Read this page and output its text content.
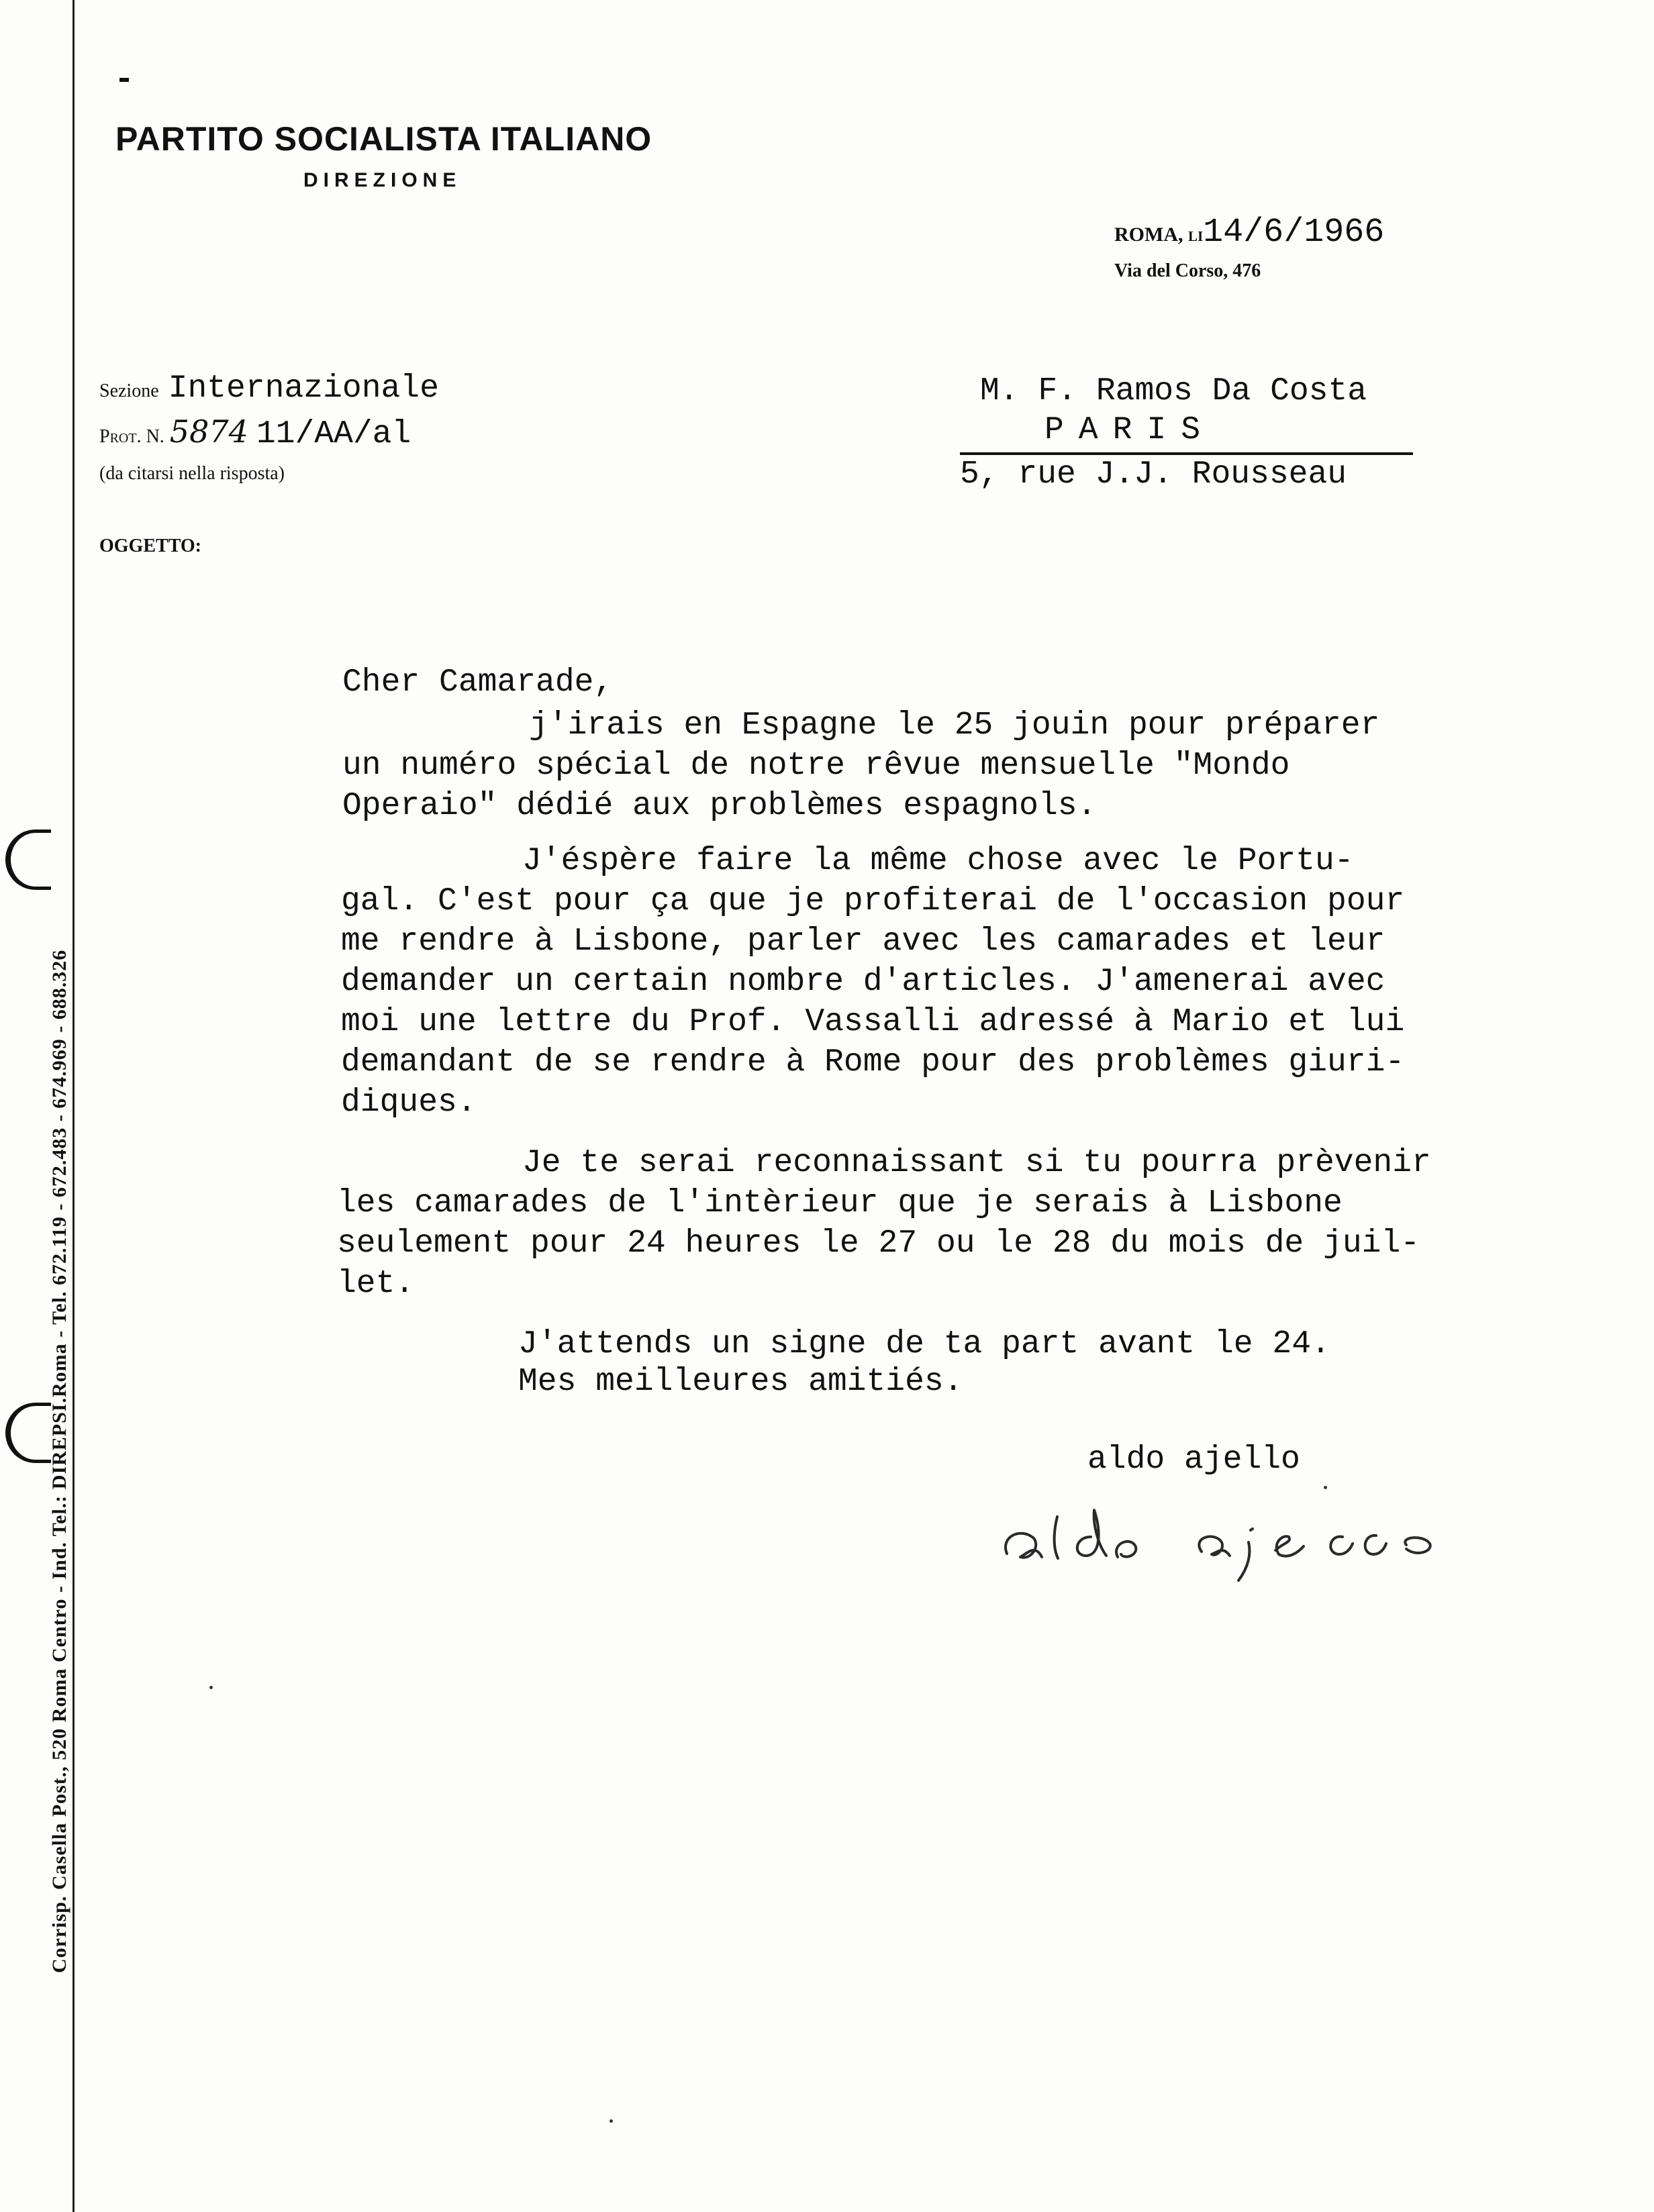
Corrisp. Casella Post., 520 Roma Centro - Ind. Tel.: DIREPSI.Roma - Tel. 672.119 - 672.483 - 674.969 - 688.326
PARTITO SOCIALISTA ITALIANO
DIREZIONE
ROMA, li14/6/1966
Via del Corso, 476
Sezione Internazionale
Prot. N. 5874 11/AA/al
(da citarsi nella risposta)
OGGETTO:
M. F. Ramos Da Costa
PARIS
5, rue J.J. Rousseau
Cher Camarade,
j'irais en Espagne le 25 jouin pour préparer
un numéro spécial de notre rêvue mensuelle "Mondo
Operaio" dédié aux problèmes espagnols.
J'éspère faire la même chose avec le Portu-
gal. C'est pour ça que je profiterai de l'occasion pour
me rendre à Lisbone, parler avec les camarades et leur
demander un certain nombre d'articles. J'amenerai avec
moi une lettre du Prof. Vassalli adressé à Mario et lui
demandant de se rendre à Rome pour des problèmes giuri-
diques.
Je te serai reconnaissant si tu pourra prèvenir
les camarades de l'intèrieur que je serais à Lisbone
seulement pour 24 heures le 27 ou le 28 du mois de juil-
let.
J'attends un signe de ta part avant le 24.
Mes meilleures amitiés.
aldo ajello
